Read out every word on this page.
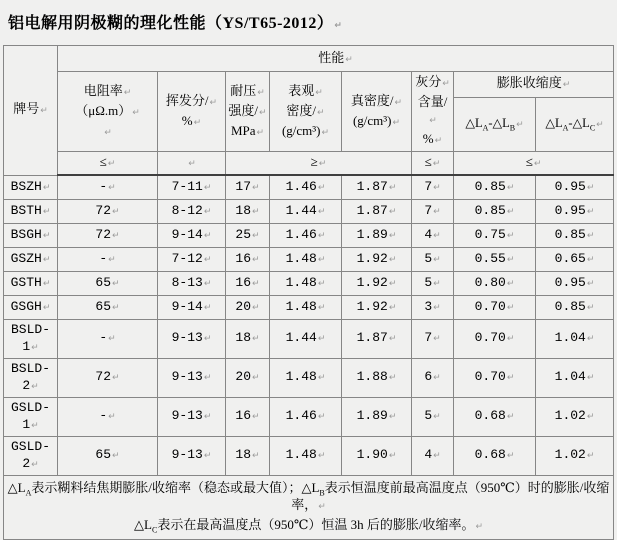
铝电解用阴极糊的理化性能（YS/T65-2012）↵
牌号↵	性能↵							
	电阻率↵
（μΩ.m）↵
↵	挥发分/↵
%↵	耐压↵
强度/↵
MPa↵	表观↵
密度/↵
(g/cm³)↵	真密度/↵
(g/cm³)↵	灰分↵
含量/↵
%↵	膨胀收缩度↵	
							$\triangle L_A-\triangle L_B↵$	$\triangle L_A-\triangle L_C↵$
	≤↵	↵	≥↵			≤↵	≤↵	
BSZH↵	-↵	7-11↵	17↵	1.46↵	1.87↵	7↵	0.85↵	0.95↵
BSTH↵	72↵	8-12↵	18↵	1.44↵	1.87↵	7↵	0.85↵	0.95↵
BSGH↵	72↵	9-14↵	25↵	1.46↵	1.89↵	4↵	0.75↵	0.85↵
GSZH↵	-↵	7-12↵	16↵	1.48↵	1.92↵	5↵	0.55↵	0.65↵
GSTH↵	65↵	8-13↵	16↵	1.48↵	1.92↵	5↵	0.80↵	0.95↵
GSGH↵	65↵	9-14↵	20↵	1.48↵	1.92↵	3↵	0.70↵	0.85↵
BSLD-1↵	-↵	9-13↵	18↵	1.44↵	1.87↵	7↵	0.70↵	1.04↵
BSLD-2↵	72↵	9-13↵	20↵	1.48↵	1.88↵	6↵	0.70↵	1.04↵
GSLD-1↵	-↵	9-13↵	16↵	1.46↵	1.89↵	5↵	0.68↵	1.02↵
GSLD-2↵	65↵	9-13↵	18↵	1.48↵	1.90↵	4↵	0.68↵	1.02↵

$\triangle L_A$表示糊料结焦期膨胀/收缩率（稳态或最大值）；$\triangle L_B$表示恒温度前最高温度点（950℃）时的膨胀/收缩率，↵

$\triangle L_C$表示在最高温度点（950℃）恒温 3h 后的膨胀/收缩率。↵								
